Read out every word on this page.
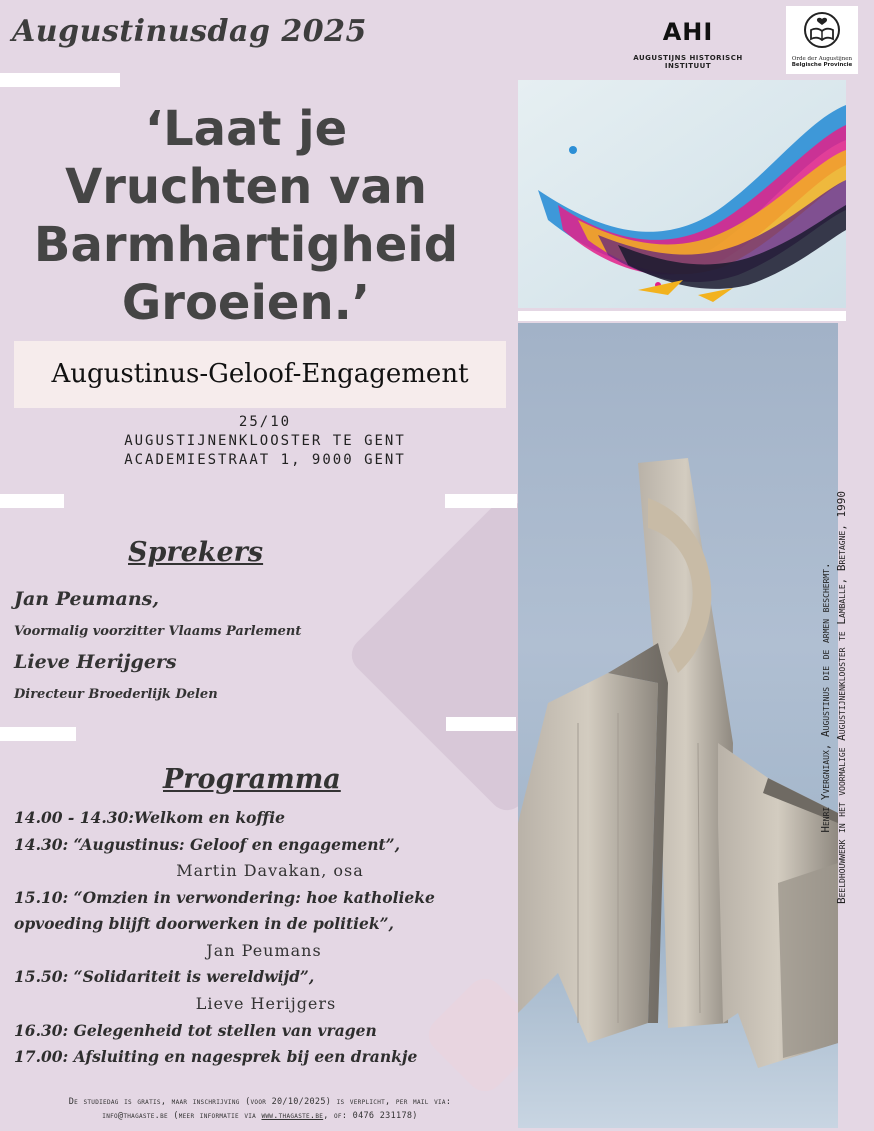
Augustinusdag 2025	AHI
AUGUSTIJNS HISTORISCH INSTITUUT
Orde der Augustijnen
Belgische Provincie
‘Laat je
Vruchten van
Barmhartigheid
Groeien.’
Augustinus-Geloof-Engagement
25/10
AUGUSTIJNENKLOOSTER TE GENT
ACADEMIESTRAAT 1, 9000 GENT
Sprekers
Jan Peumans,
Voormalig voorzitter Vlaams Parlement
Lieve Herijgers
Directeur Broederlijk Delen
Programma
14.00 - 14.30:Welkom en koffie
14.30: “Augustinus: Geloof en engagement”,
Martin Davakan, osa
15.10: “Omzien in verwondering: hoe katholieke
opvoeding blijft doorwerken in de politiek”,
Jan Peumans
15.50: “Solidariteit is wereldwijd”,
Lieve Herijgers
16.30: Gelegenheid tot stellen van vragen
17.00: Afsluiting en nagesprek bij een drankje
De studiedag is gratis, maar inschrijving (voor 20/10/2025) is verplicht, per mail via:
info@thagaste.be (meer informatie via www.thagaste.be, of: 0476 231178)
Henri Yvergniaux, Augustinus die de armen beschermt. Beeldhouwwerk in het voormalige Augustijnenklooster te Lamballe, Bretagne, 1990
